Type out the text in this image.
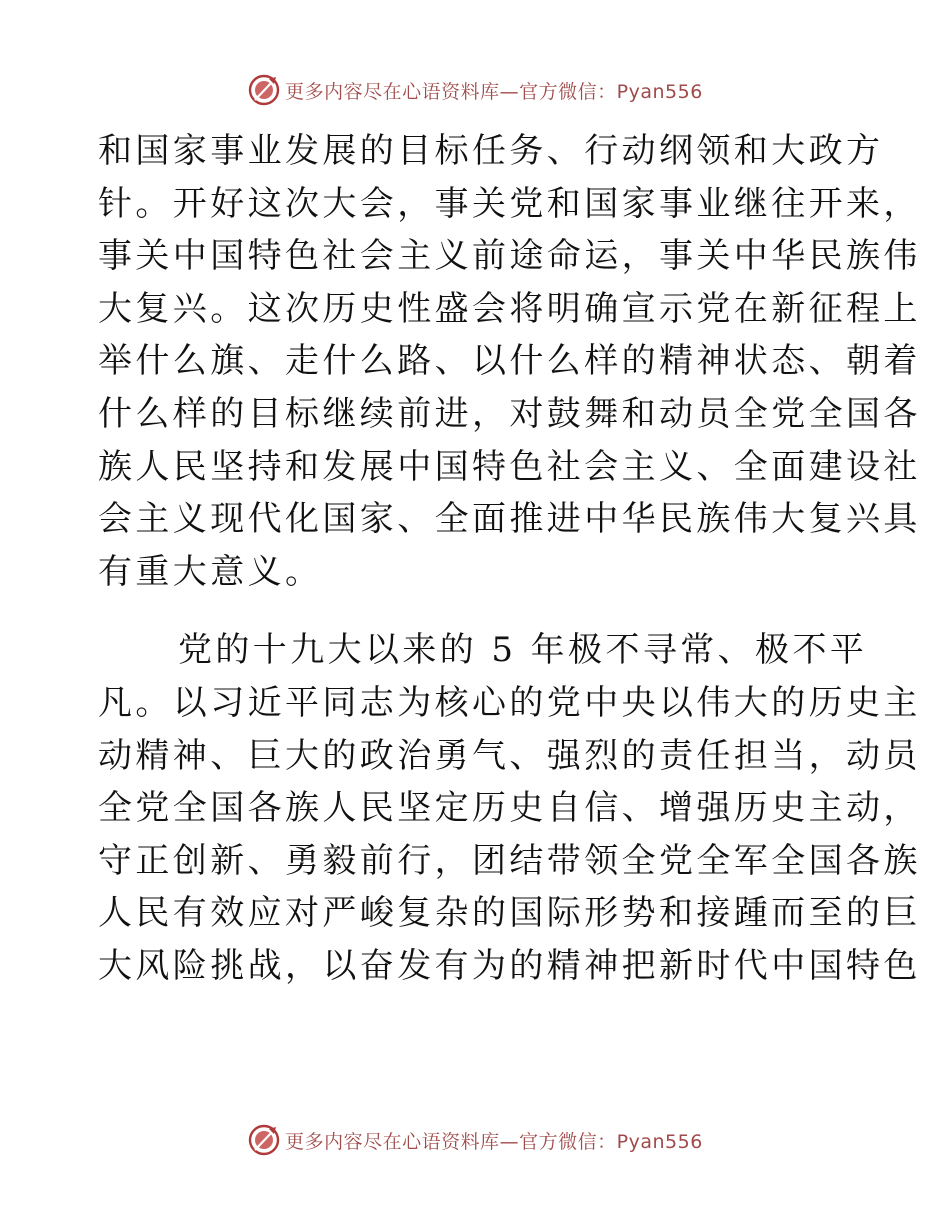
更多内容尽在心语资料库—官方微信：Pyan556
和国家事业发展的目标任务、行动纲领和大政方
针。开好这次大会，事关党和国家事业继往开来，
事关中国特色社会主义前途命运，事关中华民族伟
大复兴。这次历史性盛会将明确宣示党在新征程上
举什么旗、走什么路、以什么样的精神状态、朝着
什么样的目标继续前进，对鼓舞和动员全党全国各
族人民坚持和发展中国特色社会主义、全面建设社
会主义现代化国家、全面推进中华民族伟大复兴具
有重大意义。
党的十九大以来的 5 年极不寻常、极不平
凡。以习近平同志为核心的党中央以伟大的历史主
动精神、巨大的政治勇气、强烈的责任担当，动员
全党全国各族人民坚定历史自信、增强历史主动，
守正创新、勇毅前行，团结带领全党全军全国各族
人民有效应对严峻复杂的国际形势和接踵而至的巨
大风险挑战，以奋发有为的精神把新时代中国特色
更多内容尽在心语资料库—官方微信：Pyan556
